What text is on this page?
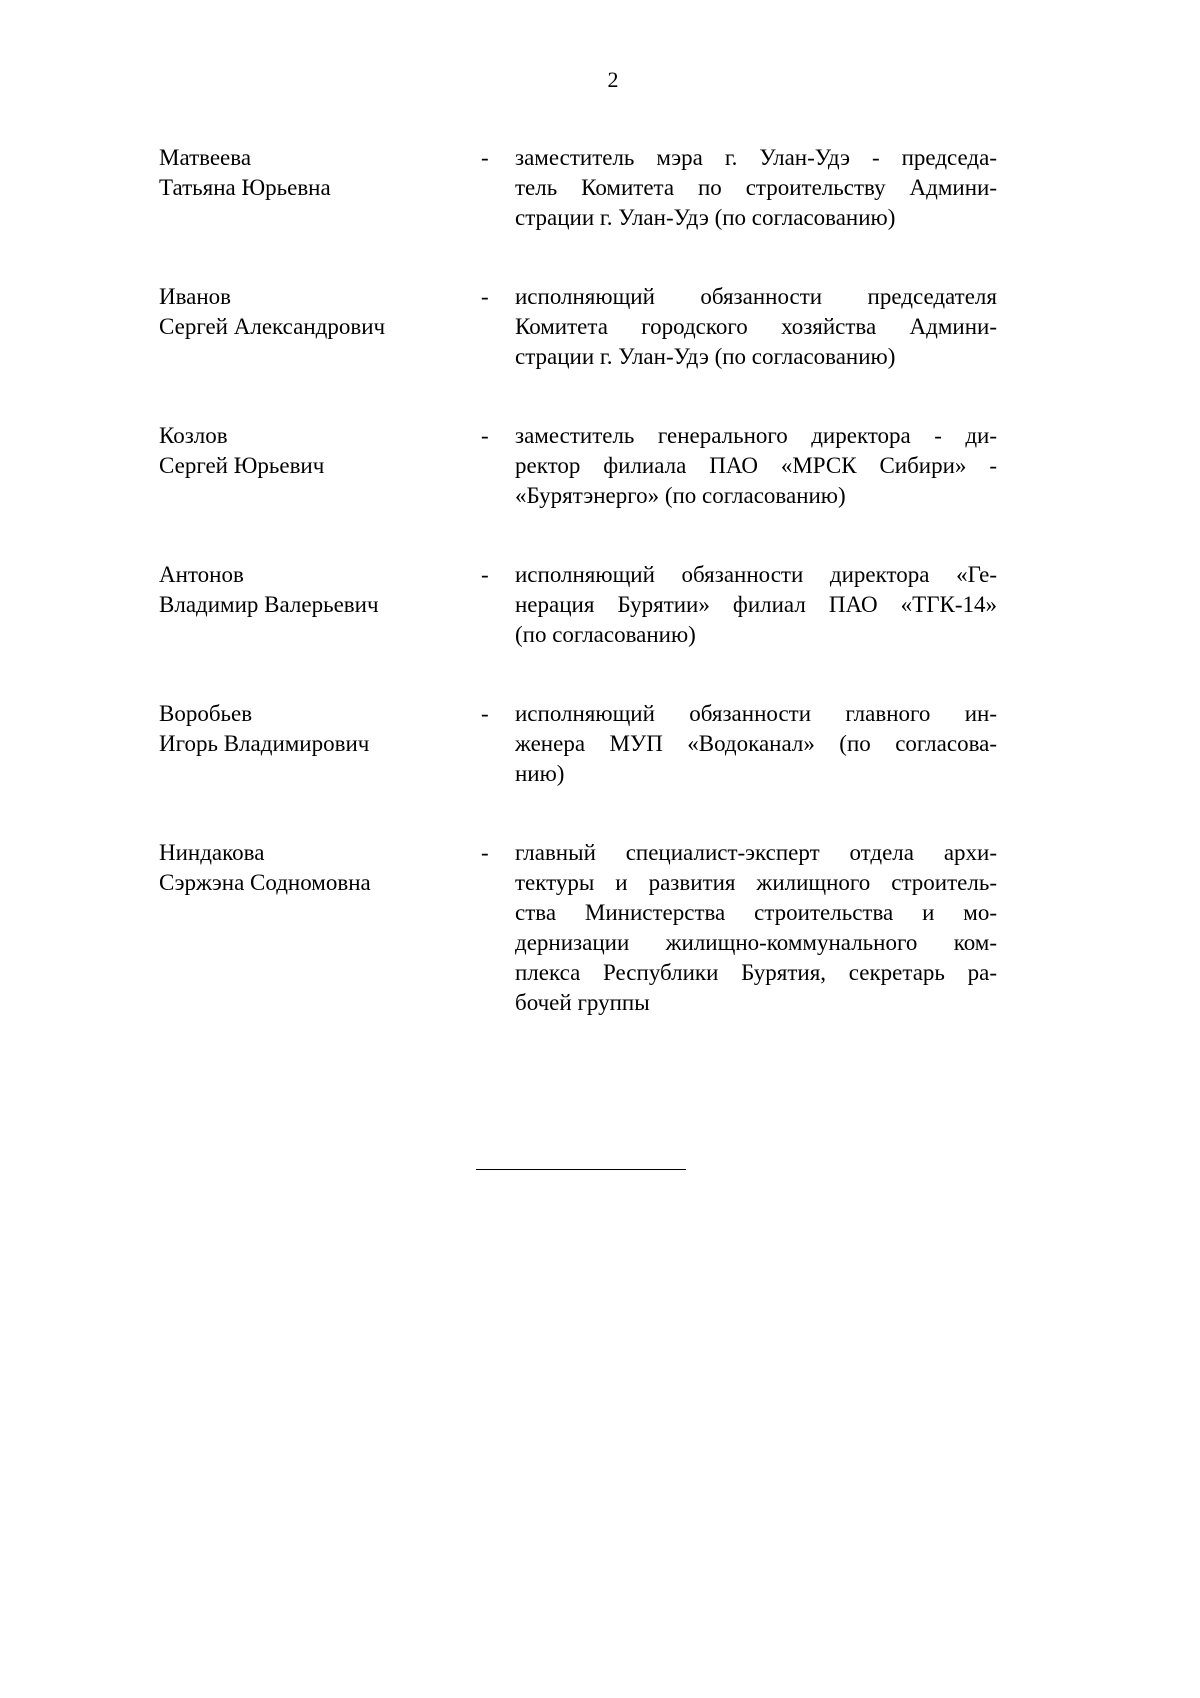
2
Матвеева
Татьяна Юрьевна
-	заместитель мэра г. Улан-Удэ - председа-
тель Комитета по строительству Админи-
страции г. Улан-Удэ (по согласованию)
Иванов
Сергей Александрович
-	исполняющий обязанности председателя
Комитета городского хозяйства Админи-
страции г. Улан-Удэ (по согласованию)
Козлов
Сергей Юрьевич
-	заместитель генерального директора - ди-
ректор филиала ПАО «МРСК Сибири» -
«Бурятэнерго» (по согласованию)
Антонов
Владимир Валерьевич
-	исполняющий обязанности директора «Ге-
нерация Бурятии» филиал ПАО «ТГК-14»
(по согласованию)
Воробьев
Игорь Владимирович
-	исполняющий обязанности главного ин-
женера МУП «Водоканал» (по согласова-
нию)
Ниндакова
Сэржэна Содномовна
-	главный специалист-эксперт отдела архи-
тектуры и развития жилищного строитель-
ства Министерства строительства и мо-
дернизации жилищно-коммунального ком-
плекса Республики Бурятия, секретарь ра-
бочей группы
